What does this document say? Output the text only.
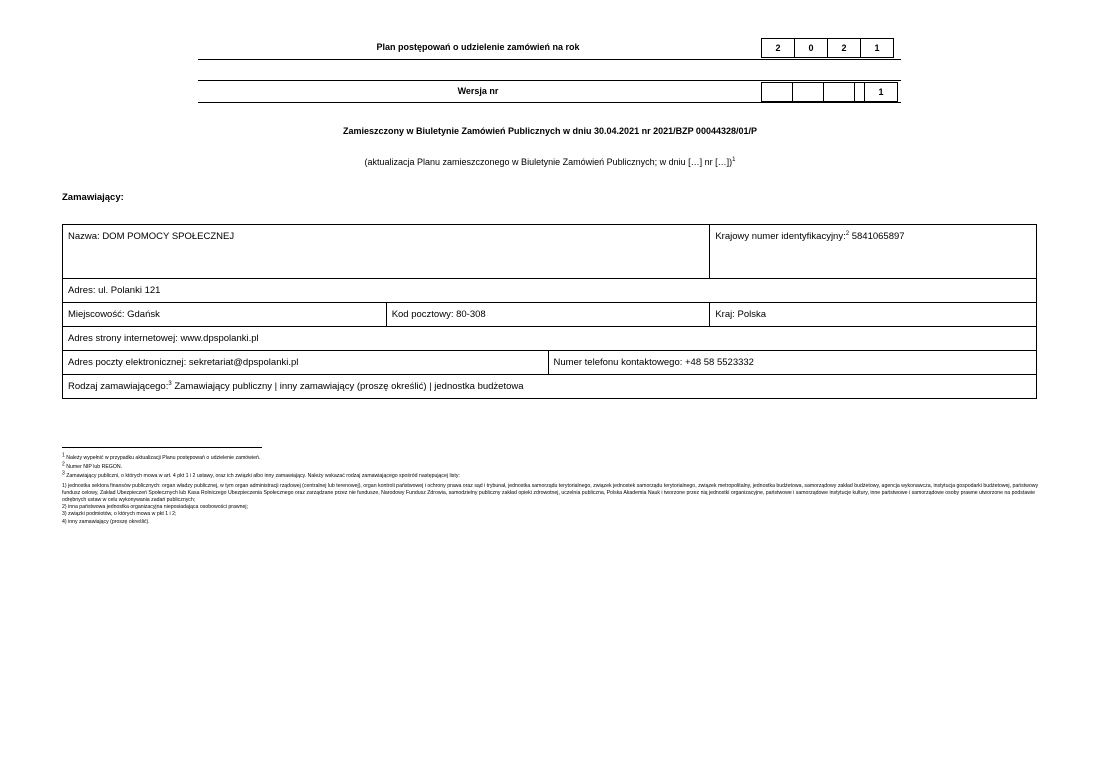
Plan postępowań o udzielenie zamówień na rok	2	0	2	1
Wersja nr	1
Zamieszczony w Biuletynie Zamówień Publicznych w dniu 30.04.2021 nr 2021/BZP 00044328/01/P
(aktualizacja Planu zamieszczonego w Biuletynie Zamówień Publicznych; w dniu […] nr […])$^1$
Zamawiający:
Nazwa: DOM POMOCY SPOŁECZNEJ			Krajowy numer identyfikacyjny:$^2$ 5841065897
Adres: ul. Polanki 121			
Miejscowość: Gdańsk	Kod pocztowy: 80-308		Kraj: Polska
Adres strony internetowej: www.dpspolanki.pl			
Adres poczty elektronicznej: sekretariat@dpspolanki.pl		Numer telefonu kontaktowego: +48 58 5523332	
Rodzaj zamawiającego:$^3$ Zamawiający publiczny | inny zamawiający (proszę określić) | jednostka budżetowa			
$^1$ Należy wypełnić w przypadku aktualizacji Planu postępowań o udzielenie zamówień.
$^2$ Numer NIP lub REGON.
$^3$ Zamawiający publiczni, o których mowa w art. 4 pkt 1 i 2 ustawy, oraz ich związki albo inny zamawiający. Należy wskazać rodzaj zamawiającego spośród następującej listy:
1) jednostka sektora finansów publicznych: organ władzy publicznej, w tym organ administracji rządowej (centralnej lub terenowej), organ kontroli państwowej i ochrony prawa oraz sąd i trybunał, jednostka samorządu terytorialnego, związek jednostek samorządu terytorialnego, związek metropolitalny, jednostka budżetowa, samorządowy zakład budżetowy, agencja wykonawcza, instytucja gospodarki budżetowej, państwowy fundusz celowy, Zakład Ubezpieczeń Społecznych lub Kasa Rolniczego Ubezpieczenia Społecznego oraz zarządzane przez nie fundusze, Narodowy Fundusz Zdrowia, samodzielny publiczny zakład opieki zdrowotnej, uczelnia publiczna, Polska Akademia Nauk i tworzone przez nią jednostki organizacyjne, państwowe i samorządowe instytucje kultury, inne państwowe i samorządowe osoby prawne utworzone na podstawie odrębnych ustaw w celu wykonywania zadań publicznych;
2) inna państwowa jednostka organizacyjna nieposiadająca osobowości prawnej;
3) związki podmiotów, o których mowa w pkt 1 i 2;
4) inny zamawiający (proszę określić).
